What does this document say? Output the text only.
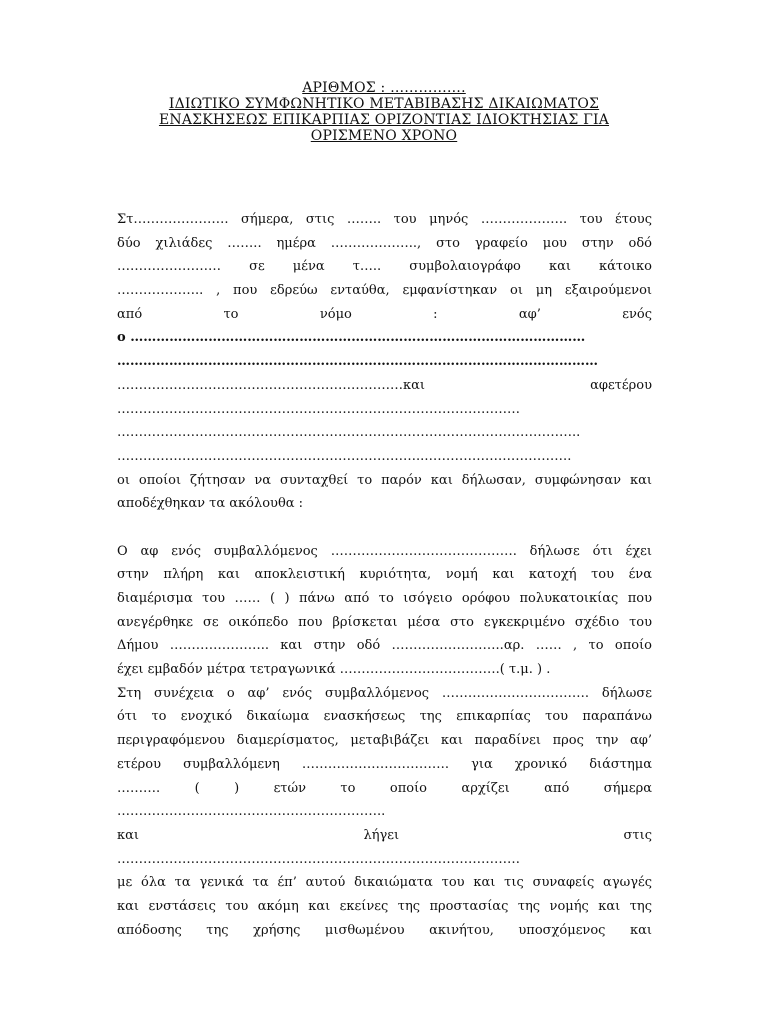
ΑΡΙΘΜΟΣ : …………….
ΙΔΙΩΤΙΚΟ ΣΥΜΦΩΝΗΤΙΚΟ ΜΕΤΑΒΙΒΑΣΗΣ ΔΙΚΑΙΩΜΑΤΟΣ
ΕΝΑΣΚΗΣΕΩΣ ΕΠΙΚΑΡΠΙΑΣ ΟΡΙΖΟΝΤΙΑΣ ΙΔΙΟΚΤΗΣΙΑΣ ΓΙΑ
ΟΡΙΣΜΕΝΟ ΧΡΟΝΟ
Στ…………………. σήμερα, στις …….. του μηνός ……………….. του έτους
δύο χιλιάδες …….. ημέρα ……………….., στο γραφείο μου στην οδό
…………………… σε μένα τ….. συμβολαιογράφο και κάτοικο
……………….. , που εδρεύω ενταύθα, εμφανίστηκαν οι μη εξαιρούμενοι
από το νόμο : αφ’ ενός
ο ……………………………………………………………………………………………
…………………………………………………………………………………………………
…………………………………………………………και αφετέρου
…………………………………………………………………………………
……………………………………………………………………………………………..
……………………………………………………………..…………………………….
οι οποίοι ζήτησαν να συνταχθεί το παρόν και δήλωσαν, συμφώνησαν και
αποδέχθηκαν τα ακόλουθα :
Ο αφ ενός συμβαλλόμενος ……………………………………. δήλωσε ότι έχει
στην πλήρη και αποκλειστική κυριότητα, νομή και κατοχή του ένα
διαμέρισμα του …… ( ) πάνω από το ισόγειο ορόφου πολυκατοικίας που
ανεγέρθηκε σε οικόπεδο που βρίσκεται μέσα στο εγκεκριμένο σχέδιο του
Δήμου ………………….. και στην οδό ……………………..αρ. …… , το οποίο
έχει εμβαδόν μέτρα τετραγωνικά ……………………………….( τ.μ. ) .
Στη συνέχεια ο αφ’ ενός συμβαλλόμενος ……………………………. δήλωσε
ότι το ενοχικό δικαίωμα ενασκήσεως της επικαρπίας του παραπάνω
περιγραφόμενου διαμερίσματος, μεταβιβάζει και παραδίνει προς την αφ’
ετέρου συμβαλλόμενη ……………………………. για χρονικό διάστημα
………. ( ) ετών το οποίο αρχίζει από σήμερα
……………………………………………………..
και λήγει στις
…………………………………………………………………………………
με όλα τα γενικά τα έπ’ αυτού δικαιώματα του και τις συναφείς αγωγές
και ενστάσεις του ακόμη και εκείνες της προστασίας της νομής και της
απόδοσης της χρήσης μισθωμένου ακινήτου, υποσχόμενος και
